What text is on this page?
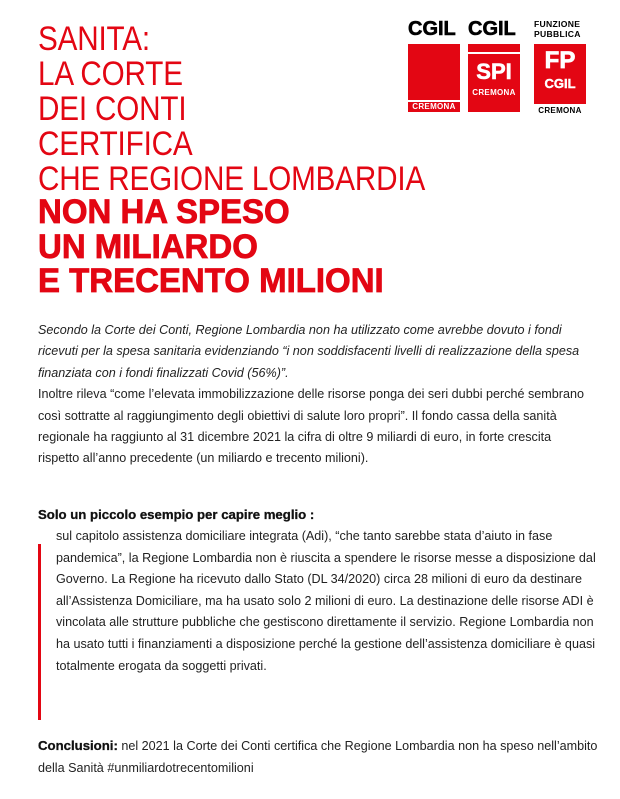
SANITA:
LA CORTE
DEI CONTI
CERTIFICA
CHE REGIONE LOMBARDIA
NON HA SPESO
UN MILIARDO
E TRECENTO MILIONI
CGIL
CREMONA
CGIL
SPI
CREMONA
FUNZIONE
PUBBLICA
FP
CGIL
CREMONA
Secondo la Corte dei Conti, Regione Lombardia non ha utilizzato come avrebbe dovuto i fondi ricevuti per la spesa sanitaria evidenziando “i non soddisfacenti livelli di realizzazione della spesa finanziata con i fondi finalizzati Covid (56%)”.
Inoltre rileva “come l’elevata immobilizzazione delle risorse ponga dei seri dubbi perché sembrano così sottratte al raggiungimento degli obiettivi di salute loro propri”. Il fondo cassa della sanità regionale ha raggiunto al 31 dicembre 2021 la cifra di oltre 9 miliardi di euro, in forte crescita rispetto all’anno precedente (un miliardo e trecento milioni).
Solo un piccolo esempio per capire meglio :
sul capitolo assistenza domiciliare integrata (Adi), “che tanto sarebbe stata d’aiuto in fase pandemica”, la Regione Lombardia non è riuscita a spendere le risorse messe a disposizione dal Governo. La Regione ha ricevuto dallo Stato (DL 34/2020) circa 28 milioni di euro da destinare all’Assistenza Domiciliare, ma ha usato solo 2 milioni di euro. La destinazione delle risorse ADI è vincolata alle strutture pubbliche che gestiscono direttamente il servizio. Regione Lombardia non ha usato tutti i finanziamenti a disposizione perché la gestione dell’assistenza domiciliare è quasi totalmente erogata da soggetti privati.
Conclusioni: nel 2021 la Corte dei Conti certifica che Regione Lombardia non ha speso nell’ambito della Sanità #unmiliardotrecentomilioni
